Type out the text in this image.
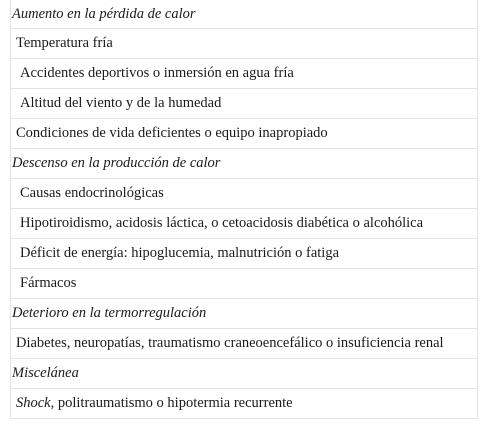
Aumento en la pérdida de calor
Temperatura fría
Accidentes deportivos o inmersión en agua fría
Altitud del viento y de la humedad
Condiciones de vida deficientes o equipo inapropiado
Descenso en la producción de calor
Causas endocrinológicas
Hipotiroidismo, acidosis láctica, o cetoacidosis diabética o alcohólica
Déficit de energía: hipoglucemia, malnutrición o fatiga
Fármacos
Deterioro en la termorregulación
Diabetes, neuropatías, traumatismo craneoencefálico o insuficiencia renal
Miscelánea
Shock , politraumatismo o hipotermia recurrente
